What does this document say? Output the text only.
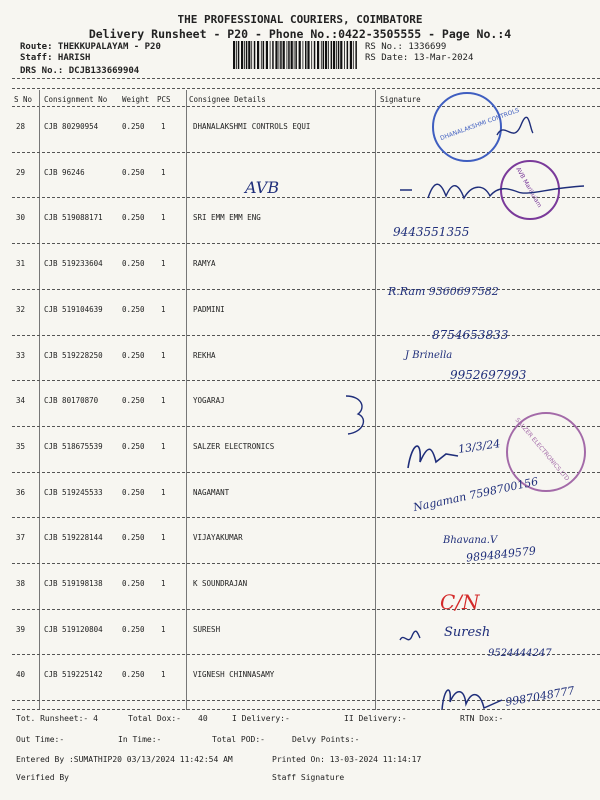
THE PROFESSIONAL COURIERS, COIMBATORE
Delivery Runsheet - P20 - Phone No.:0422-3505555 - Page No.:4
Route: THEKKUPALAYAM - P20
Staff: HARISH
DRS No.: DCJB133669904
RS No.: 1336699
RS Date: 13-Mar-2024
S No Consignment No Weight PCS Consignee Details	Signature
28	CJB 80290954	0.250 1	DHANALAKSHMI CONTROLS EQUI
29	CJB 96246	0.250 1
30	CJB 519088171	0.250 1	SRI EMM EMM ENG
31	CJB 519233604	0.250 1	RAMYA
32	CJB 519104639	0.250 1	PADMINI
33	CJB 519228250	0.250 1	REKHA
34	CJB 80170870	0.250 1	YOGARAJ
35	CJB 518675539	0.250 1	SALZER ELECTRONICS
36	CJB 519245533	0.250 1	NAGAMANT
37	CJB 519228144	0.250 1	VIJAYAKUMAR
38	CJB 519198138	0.250 1	K SOUNDRAJAN
39	CJB 519120804	0.250 1	SURESH
40	CJB 519225142	0.250 1	VIGNESH CHINNASAMY
DHANALAKSHMI CONTROLS
AVB Marikulam
SALZER ELECTRONICS LTD
AVB
9443551355
R.Ram 9360697582
8754653833
J Brinella
9952697993
13/3/24
Nagaman 7598700156
Bhavana.V
9894849579
C/N
Suresh
9524444247
9987048777
Tot. Runsheet:- 4	Total Dox:- 40	I Delivery:-	II Delivery:-	RTN Dox:-
Out Time:-	In Time:-	Total POD:-	Delvy Points:-
Entered By :SUMATHIP20 03/13/2024 11:42:54 AM	Printed On: 13-03-2024 11:14:17
Verified By	Staff Signature
